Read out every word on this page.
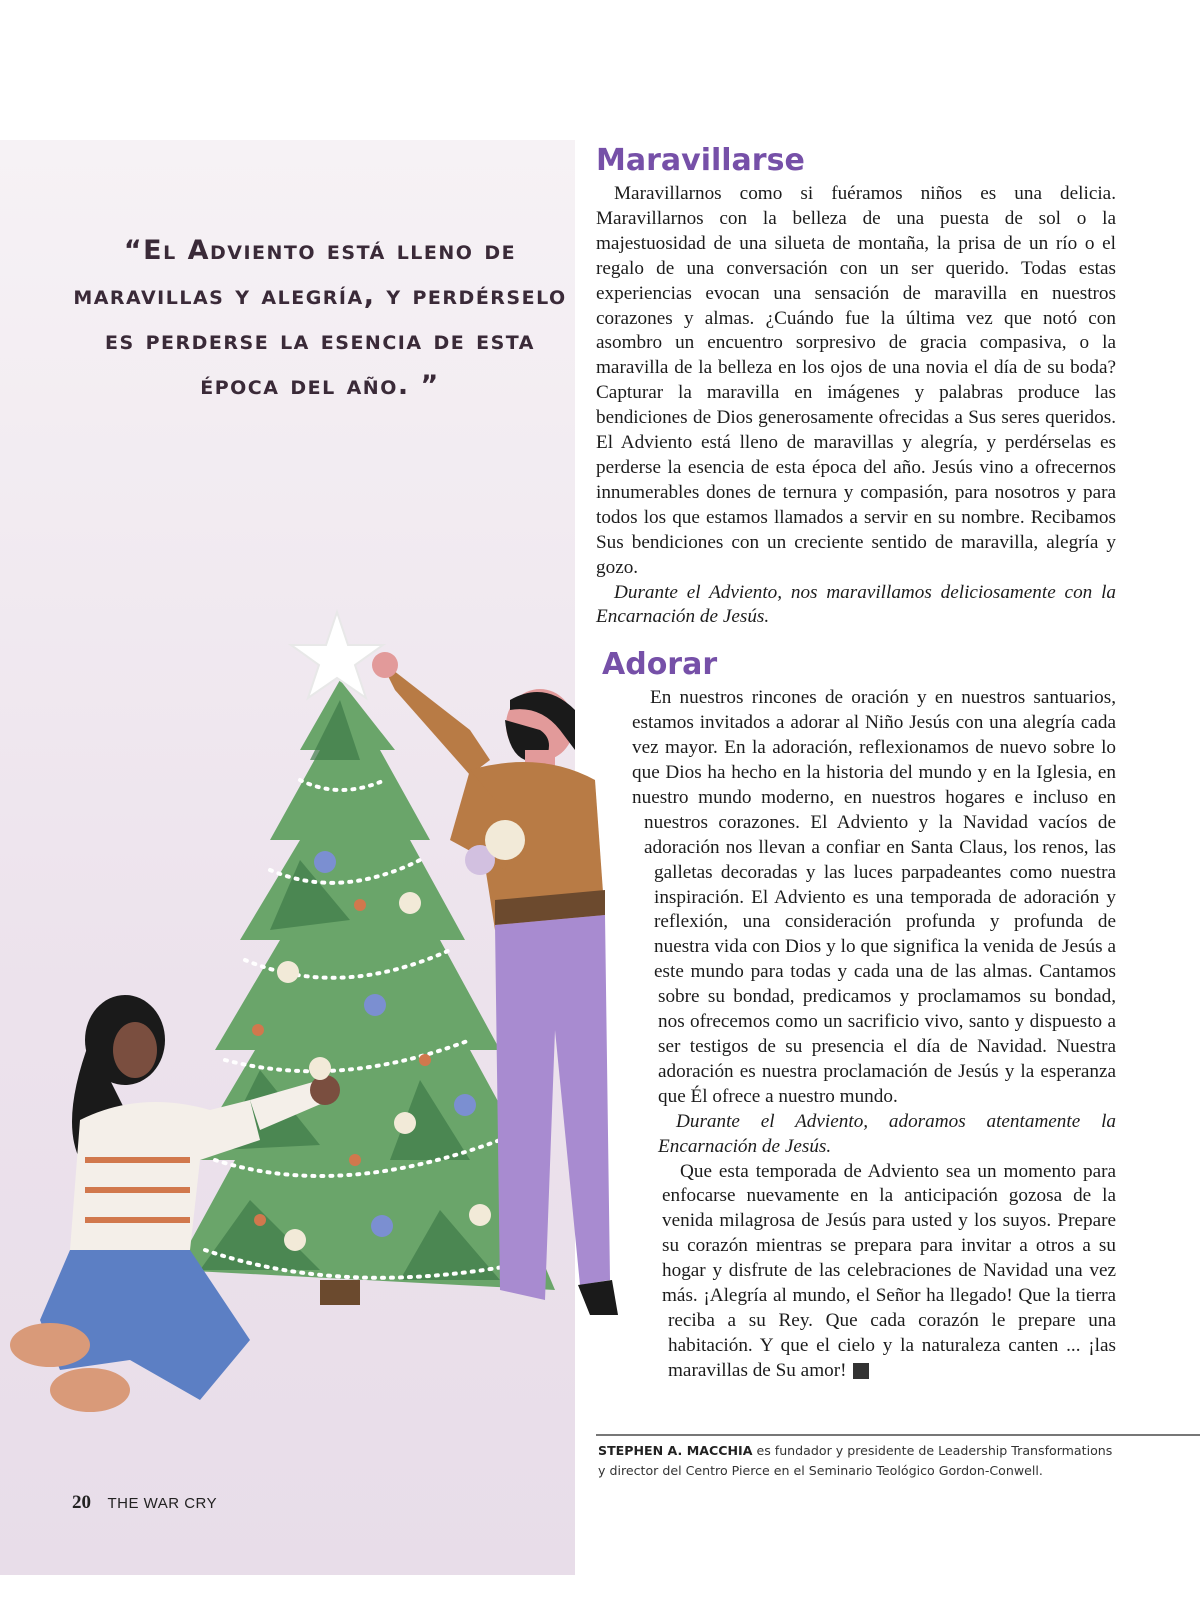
“El Adviento está lleno de maravillas y alegría, y perdérselo es perderse la esencia de esta época del año. ”
Maravillarse

Maravillarnos como si fuéramos niños es una delicia. Maravillarnos con la belleza de una puesta de sol o la majestuosidad de una silueta de montaña, la prisa de un río o el regalo de una conversación con un ser querido. Todas estas experiencias evocan una sensación de maravilla en nuestros corazones y almas. ¿Cuándo fue la última vez que notó con asombro un encuentro sorpresivo de gracia compasiva, o la maravilla de la belleza en los ojos de una novia el día de su boda? Capturar la maravilla en imágenes y palabras produce las bendiciones de Dios generosamente ofrecidas a Sus seres queridos. El Adviento está lleno de maravillas y alegría, y perdérselas es perderse la esencia de esta época del año. Jesús vino a ofrecernos innumerables dones de ternura y compasión, para nosotros y para todos los que estamos llamados a servir en su nombre. Recibamos Sus bendiciones con un creciente sentido de maravilla, alegría y gozo.

Durante el Adviento, nos maravillamos deliciosamente con la Encarnación de Jesús.

Adorar

En nuestros rincones de oración y en nuestros santuarios, estamos invitados a adorar al Niño Jesús con una alegría cada vez mayor. En la adoración, reflexionamos de nuevo sobre lo que Dios ha hecho en la historia del mundo y en la Iglesia, en nuestro mundo moderno, en nuestros hogares e incluso en nuestros corazones. El Adviento y la Navidad vacíos de adoración nos llevan a confiar en Santa Claus, los renos, las galletas decoradas y las luces parpadeantes como nuestra inspiración. El Adviento es una temporada de adoración y reflexión, una consideración profunda y profunda de nuestra vida con Dios y lo que significa la venida de Jesús a este mundo para todas y cada una de las almas. Cantamos sobre su bondad, predicamos y proclamamos su bondad, nos ofrecemos como un sacrificio vivo, santo y dispuesto a ser testigos de su presencia el día de Navidad. Nuestra adoración es nuestra proclamación de Jesús y la esperanza que Él ofrece a nuestro mundo.

Durante el Adviento, adoramos atentamente la Encarnación de Jesús.

Que esta temporada de Adviento sea un momento para enfocarse nuevamente en la anticipación gozosa de la venida milagrosa de Jesús para usted y los suyos. Prepare su corazón mientras se prepara para invitar a otros a su hogar y disfrute de las celebraciones de Navidad una vez más. ¡Alegría al mundo, el Señor ha llegado! Que la tierra reciba a su Rey. Que cada corazón le prepare una habitación. Y que el cielo y la naturaleza canten ... ¡las maravillas de Su amor! ✝

STEPHEN A. MACCHIA es fundador y presidente de Leadership Transformations y director del Centro Pierce en el Seminario Teológico Gordon-Conwell.
20 THE WAR CRY
